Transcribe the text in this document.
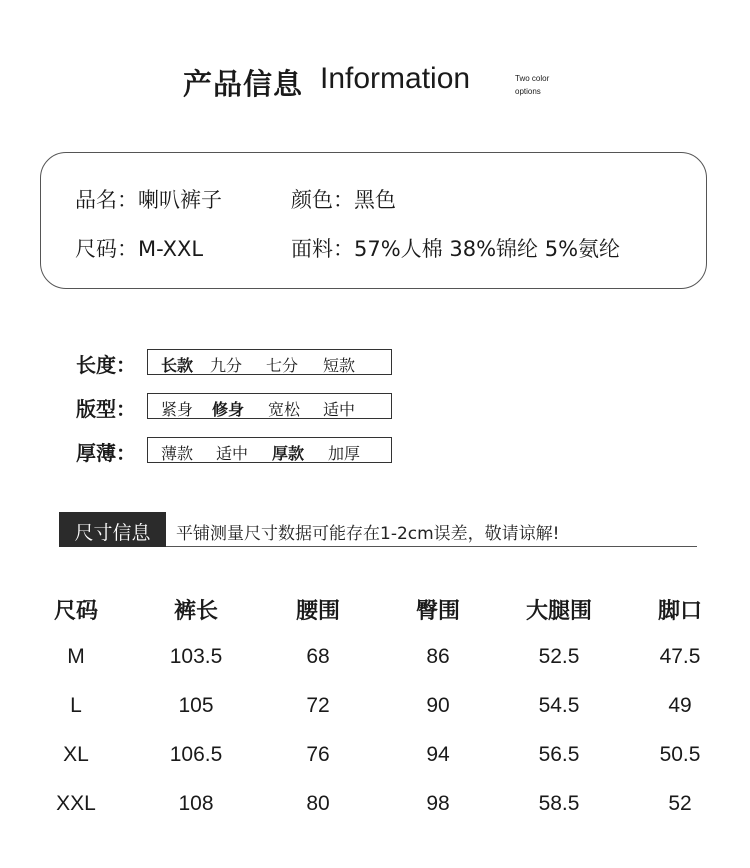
产品信息 Information	Two color options
品名：喇叭裤子	颜色：黑色
尺码：M-XXL	面料：57%人棉 38%锦纶 5%氨纶
长度： 长款 九分 七分 短款
版型： 紧身 修身 宽松 适中
厚薄： 薄款 适中 厚款 加厚
尺寸信息	平铺测量尺寸数据可能存在1-2cm误差，敬请谅解!
尺码	裤长	腰围	臀围	大腿围	脚口
M	103.5	68	86	52.5	47.5
L	105	72	90	54.5	49
XL	106.5	76	94	56.5	50.5
XXL	108	80	98	58.5	52
